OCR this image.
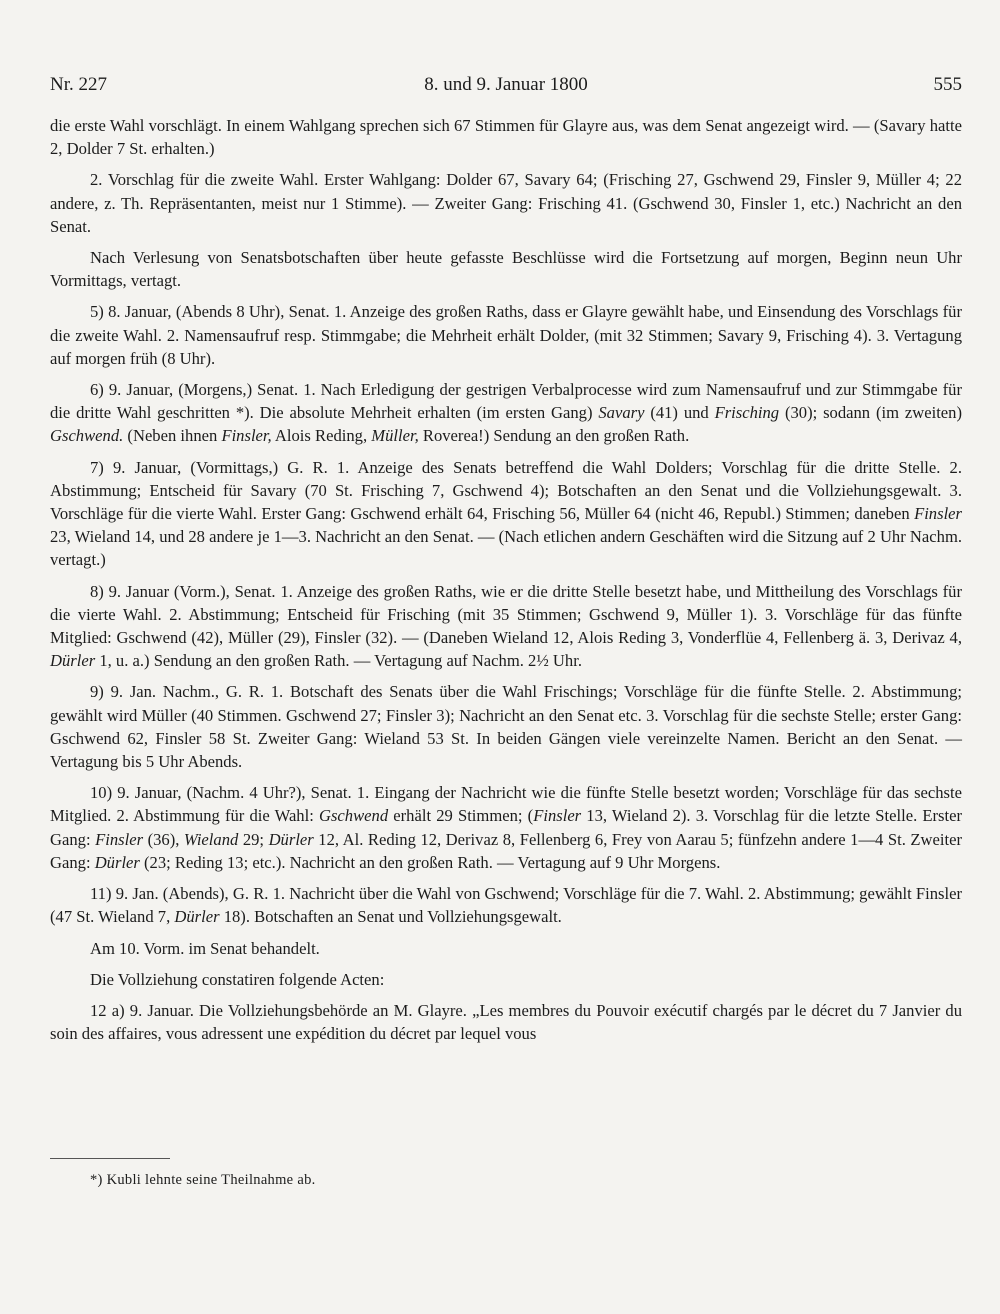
Nr. 227	8. und 9. Januar 1800	555

die erste Wahl vorschlägt. In einem Wahlgang sprechen sich 67 Stimmen für Glayre aus, was dem Senat angezeigt wird. — (Savary hatte 2, Dolder 7 St. erhalten.)

2. Vorschlag für die zweite Wahl. Erster Wahlgang: Dolder 67, Savary 64; (Frisching 27, Gschwend 29, Finsler 9, Müller 4; 22 andere, z. Th. Repräsentanten, meist nur 1 Stimme). — Zweiter Gang: Frisching 41. (Gschwend 30, Finsler 1, etc.) Nachricht an den Senat.

Nach Verlesung von Senatsbotschaften über heute gefasste Beschlüsse wird die Fortsetzung auf morgen, Beginn neun Uhr Vormittags, vertagt.

5) 8. Januar, (Abends 8 Uhr), Senat. 1. Anzeige des großen Raths, dass er Glayre gewählt habe, und Einsendung des Vorschlags für die zweite Wahl. 2. Namensaufruf resp. Stimmgabe; die Mehrheit erhält Dolder, (mit 32 Stimmen; Savary 9, Frisching 4). 3. Vertagung auf morgen früh (8 Uhr).

6) 9. Januar, (Morgens,) Senat. 1. Nach Erledigung der gestrigen Verbalprocesse wird zum Namensaufruf und zur Stimmgabe für die dritte Wahl geschritten *). Die absolute Mehrheit erhalten (im ersten Gang) Savary (41) und Frisching (30); sodann (im zweiten) Gschwend. (Neben ihnen Finsler, Alois Reding, Müller, Roverea!) Sendung an den großen Rath.

7) 9. Januar, (Vormittags,) G. R. 1. Anzeige des Senats betreffend die Wahl Dolders; Vorschlag für die dritte Stelle. 2. Abstimmung; Entscheid für Savary (70 St. Frisching 7, Gschwend 4); Botschaften an den Senat und die Vollziehungsgewalt. 3. Vorschläge für die vierte Wahl. Erster Gang: Gschwend erhält 64, Frisching 56, Müller 64 (nicht 46, Republ.) Stimmen; daneben Finsler 23, Wieland 14, und 28 andere je 1—3. Nachricht an den Senat. — (Nach etlichen andern Geschäften wird die Sitzung auf 2 Uhr Nachm. vertagt.)

8) 9. Januar (Vorm.), Senat. 1. Anzeige des großen Raths, wie er die dritte Stelle besetzt habe, und Mittheilung des Vorschlags für die vierte Wahl. 2. Abstimmung; Entscheid für Frisching (mit 35 Stimmen; Gschwend 9, Müller 1). 3. Vorschläge für das fünfte Mitglied: Gschwend (42), Müller (29), Finsler (32). — (Daneben Wieland 12, Alois Reding 3, Vonderflüe 4, Fellenberg ä. 3, Derivaz 4, Dürler 1, u. a.) Sendung an den großen Rath. — Vertagung auf Nachm. 2½ Uhr.

9) 9. Jan. Nachm., G. R. 1. Botschaft des Senats über die Wahl Frischings; Vorschläge für die fünfte Stelle. 2. Abstimmung; gewählt wird Müller (40 Stimmen. Gschwend 27; Finsler 3); Nachricht an den Senat etc. 3. Vorschlag für die sechste Stelle; erster Gang: Gschwend 62, Finsler 58 St. Zweiter Gang: Wieland 53 St. In beiden Gängen viele vereinzelte Namen. Bericht an den Senat. — Vertagung bis 5 Uhr Abends.

10) 9. Januar, (Nachm. 4 Uhr?), Senat. 1. Eingang der Nachricht wie die fünfte Stelle besetzt worden; Vorschläge für das sechste Mitglied. 2. Abstimmung für die Wahl: Gschwend erhält 29 Stimmen; (Finsler 13, Wieland 2). 3. Vorschlag für die letzte Stelle. Erster Gang: Finsler (36), Wieland 29; Dürler 12, Al. Reding 12, Derivaz 8, Fellenberg 6, Frey von Aarau 5; fünfzehn andere 1—4 St. Zweiter Gang: Dürler (23; Reding 13; etc.). Nachricht an den großen Rath. — Vertagung auf 9 Uhr Morgens.

11) 9. Jan. (Abends), G. R. 1. Nachricht über die Wahl von Gschwend; Vorschläge für die 7. Wahl. 2. Abstimmung; gewählt Finsler (47 St. Wieland 7, Dürler 18). Botschaften an Senat und Vollziehungsgewalt.

Am 10. Vorm. im Senat behandelt.

Die Vollziehung constatiren folgende Acten:

12 a) 9. Januar. Die Vollziehungsbehörde an M. Glayre. „Les membres du Pouvoir exécutif chargés par le décret du 7 Janvier du soin des affaires, vous adressent une expédition du décret par lequel vous

*) Kubli lehnte seine Theilnahme ab.
